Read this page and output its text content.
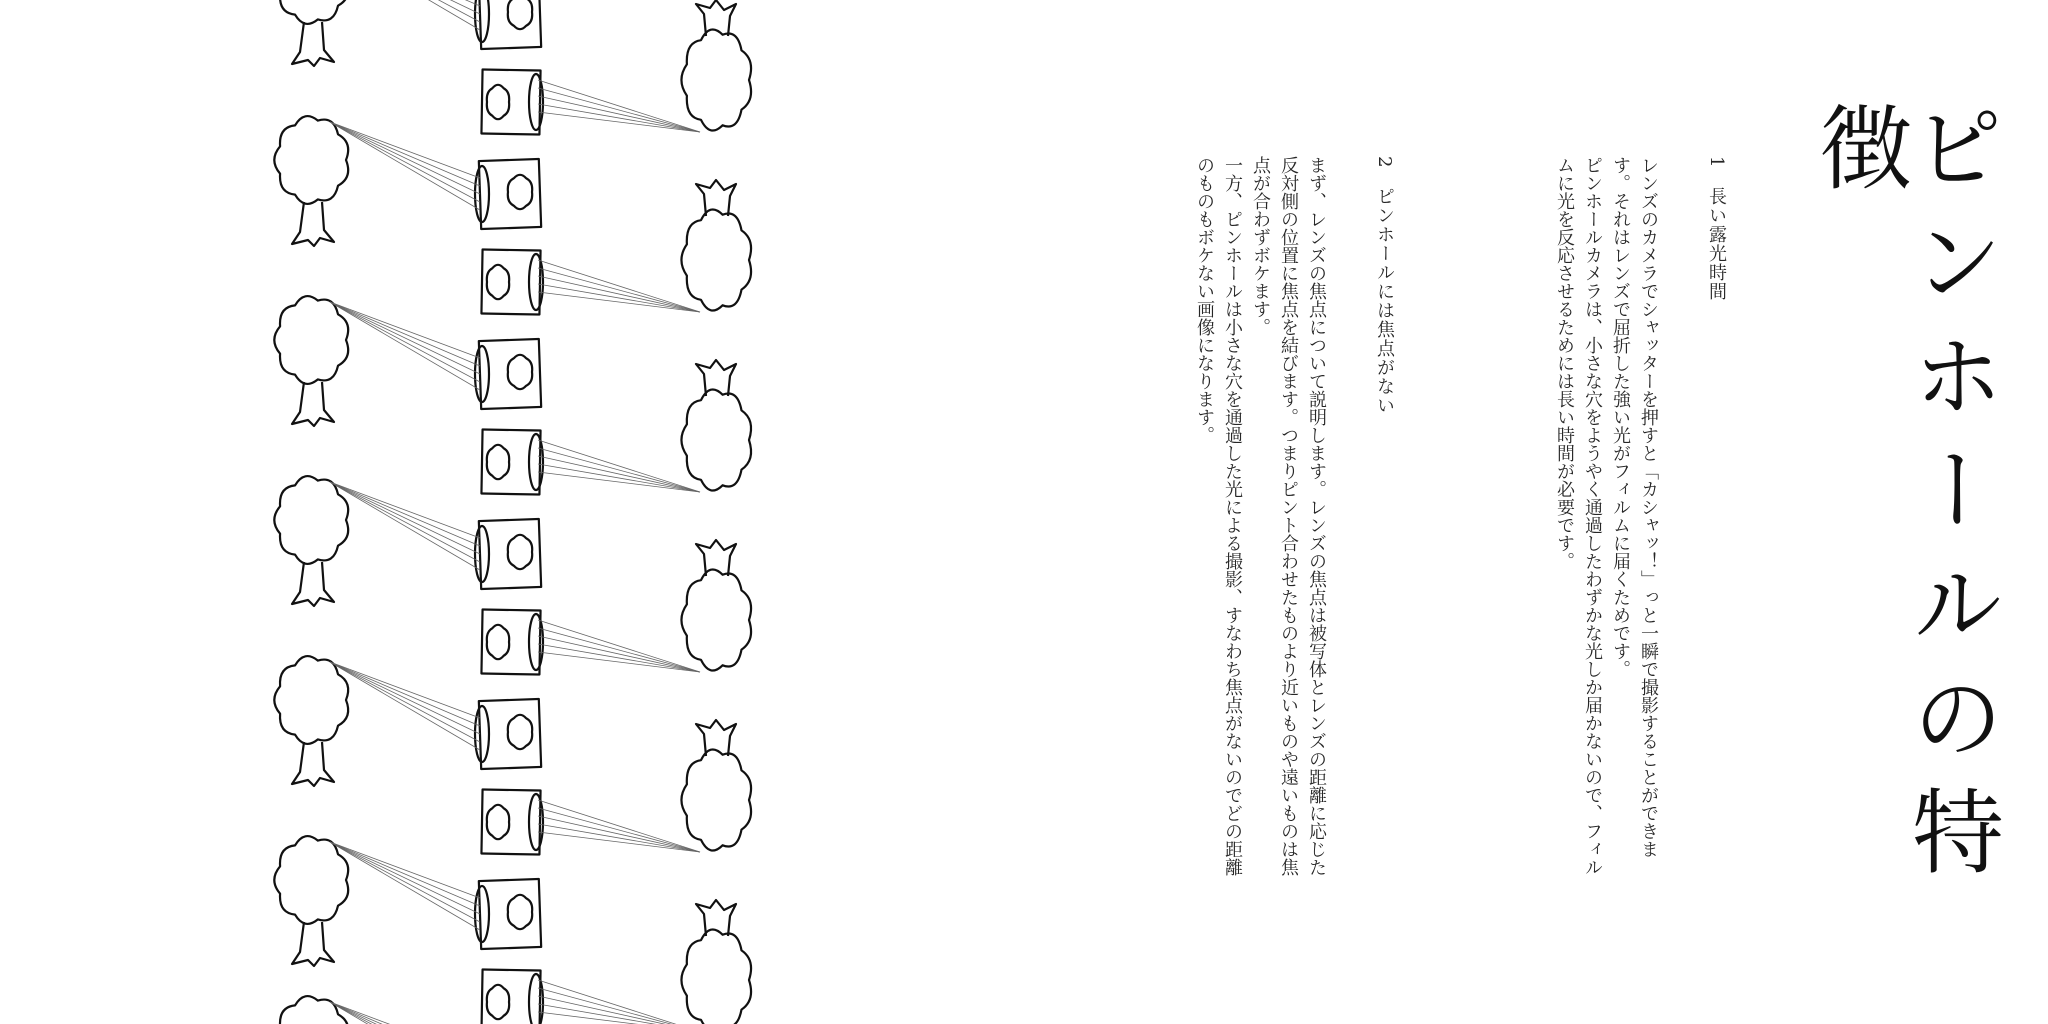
ピンホールの特徴
1 長い露光時間

レンズのカメラでシャッターを押すと「カシャッ！」っと一瞬で撮影することができます。それはレンズで屈折した強い光がフィルムに届くためです。

ピンホールカメラは、小さな穴をようやく通過したわずかな光しか届かないので、フィルムに光を反応させるためには長い時間が必要です。

2 ピンホールには焦点がない

まず、レンズの焦点について説明します。レンズの焦点は被写体とレンズの距離に応じた反対側の位置に焦点を結びます。つまりピント合わせたものより近いものや遠いものは焦点が合わずボケます。

一方、ピンホールは小さな穴を通過した光による撮影、すなわち焦点がないのでどの距離のものもボケない画像になります。
